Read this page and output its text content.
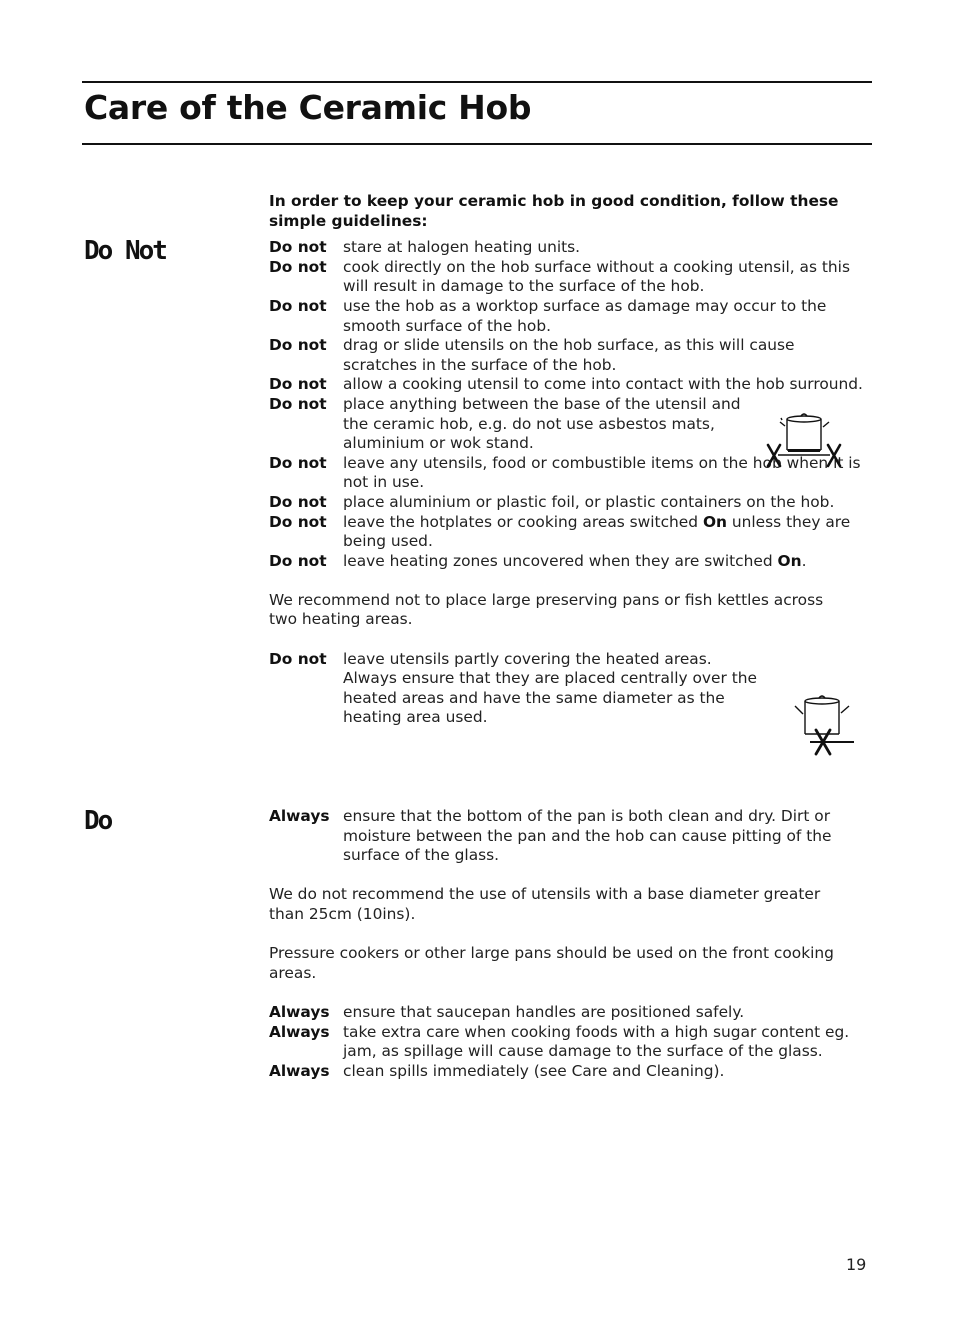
Care of the Ceramic Hob
Do Not
Do
In order to keep your ceramic hob in good condition, follow these simple guidelines:
Do not stare at halogen heating units.
Do not cook directly on the hob surface without a cooking utensil, as this will result in damage to the surface of the hob.
Do not use the hob as a worktop surface as damage may occur to the smooth surface of the hob.
Do not drag or slide utensils on the hob surface, as this will cause scratches in the surface of the hob.
Do not allow a cooking utensil to come into contact with the hob surround.
Do not place anything between the base of the utensil and the ceramic hob, e.g. do not use asbestos mats, aluminium or wok stand.
Do not leave any utensils, food or combustible items on the hob when it is not in use.
Do not place aluminium or plastic foil, or plastic containers on the hob.
Do not leave the hotplates or cooking areas switched On unless they are being used.
Do not leave heating zones uncovered when they are switched On.
We recommend not to place large preserving pans or fish kettles across two heating areas.
Do not leave utensils partly covering the heated areas. Always ensure that they are placed centrally over the heated areas and have the same diameter as the heating area used.
Always ensure that the bottom of the pan is both clean and dry. Dirt or moisture between the pan and the hob can cause pitting of the surface of the glass.
We do not recommend the use of utensils with a base diameter greater than 25cm (10ins).
Pressure cookers or other large pans should be used on the front cooking areas.
Always ensure that saucepan handles are positioned safely.
Always take extra care when cooking foods with a high sugar content eg. jam, as spillage will cause damage to the surface of the glass.
Always clean spills immediately (see Care and Cleaning).
19
